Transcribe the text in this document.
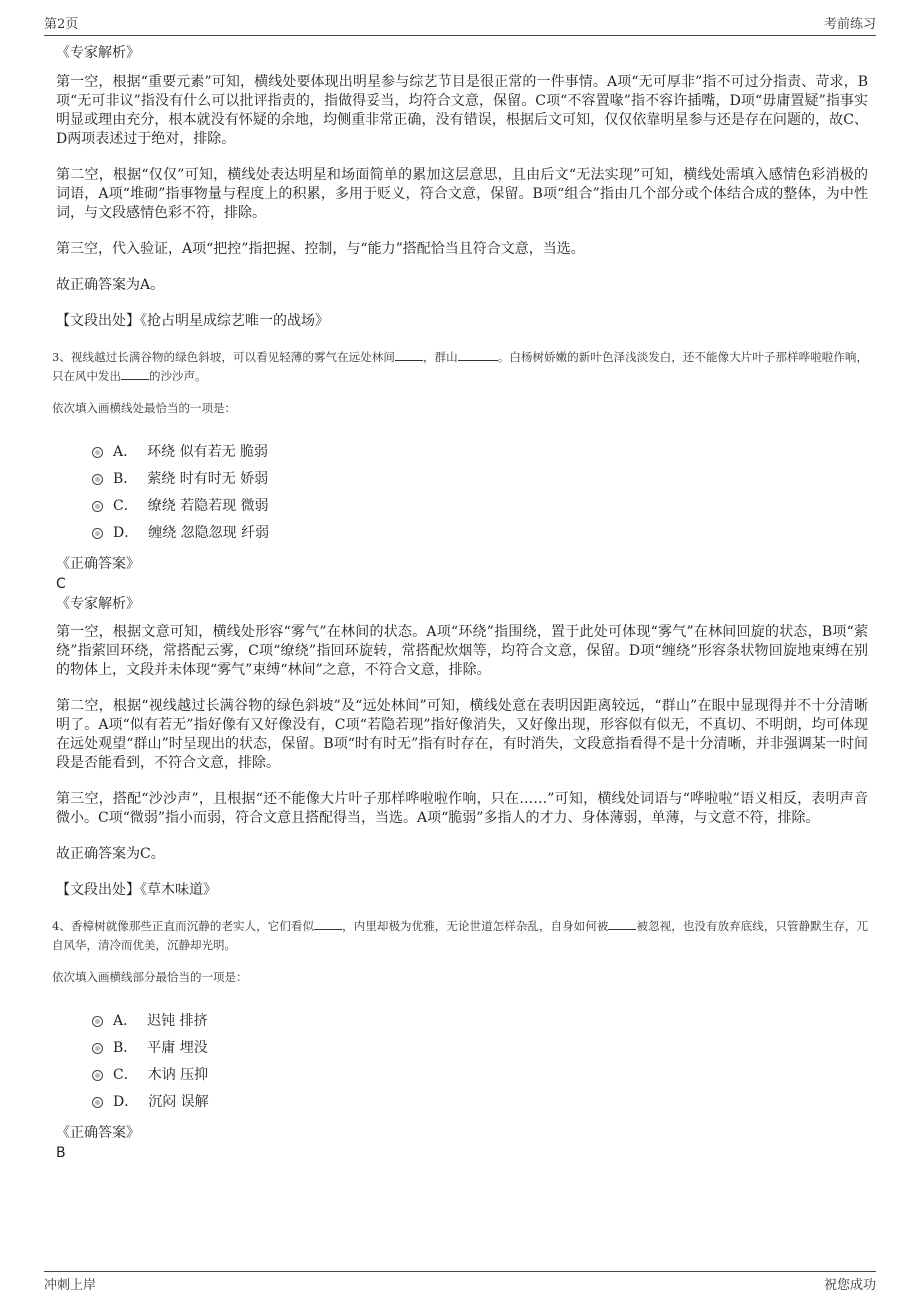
第2页	考前练习
《专家解析》

第一空，根据“重要元素”可知，横线处要体现出明星参与综艺节目是很正常的一件事情。A项“无可厚非”指不可过分指责、苛求，B项“无可非议”指没有什么可以批评指责的，指做得妥当，均符合文意，保留。C项“不容置喙”指不容许插嘴，D项“毋庸置疑”指事实明显或理由充分，根本就没有怀疑的余地，均侧重非常正确，没有错误，根据后文可知，仅仅依靠明星参与还是存在问题的，故C、D两项表述过于绝对，排除。

第二空，根据“仅仅”可知，横线处表达明星和场面简单的累加这层意思，且由后文“无法实现”可知，横线处需填入感情色彩消极的词语，A项“堆砌”指事物量与程度上的积累，多用于贬义，符合文意，保留。B项“组合”指由几个部分或个体结合成的整体，为中性词，与文段感情色彩不符，排除。

第三空，代入验证，A项“把控”指把握、控制，与“能力”搭配恰当且符合文意，当选。

故正确答案为A。

【文段出处】《抢占明星成综艺唯一的战场》

3、视线越过长满谷物的绿色斜坡，可以看见轻薄的雾气在远处林间 ，群山	。白杨树娇嫩的新叶色泽浅淡发白，还不能像大片叶子那样哗啦啦作响，只在风中发出 的沙沙声。

依次填入画横线处最恰当的一项是：

A． 环绕 似有若无 脆弱
B． 萦绕 时有时无 娇弱
C． 缭绕 若隐若现 微弱
D． 缠绕 忽隐忽现 纤弱
《正确答案》
C
《专家解析》

第一空，根据文意可知，横线处形容“雾气”在林间的状态。A项“环绕”指围绕，置于此处可体现“雾气”在林间回旋的状态，B项“萦绕”指萦回环绕，常搭配云雾，C项“缭绕”指回环旋转，常搭配炊烟等，均符合文意，保留。D项“缠绕”形容条状物回旋地束缚在别的物体上，文段并未体现“雾气”束缚“林间”之意，不符合文意，排除。

第二空，根据“视线越过长满谷物的绿色斜坡”及“远处林间”可知，横线处意在表明因距离较远，“群山”在眼中显现得并不十分清晰明了。A项“似有若无”指好像有又好像没有，C项“若隐若现”指好像消失，又好像出现，形容似有似无，不真切、不明朗，均可体现在远处观望“群山”时呈现出的状态，保留。B项“时有时无”指有时存在，有时消失，文段意指看得不是十分清晰，并非强调某一时间段是否能看到，不符合文意，排除。

第三空，搭配“沙沙声”，且根据“还不能像大片叶子那样哗啦啦作响，只在……”可知，横线处词语与“哗啦啦”语义相反，表明声音微小。C项“微弱”指小而弱，符合文意且搭配得当，当选。A项“脆弱”多指人的才力、身体薄弱，单薄，与文意不符，排除。

故正确答案为C。

【文段出处】《草木味道》

4、香樟树就像那些正直而沉静的老实人，它们看似 ，内里却极为优雅，无论世道怎样杂乱，自身如何被 被忽视，也没有放弃底线，只管静默生存，兀自风华，清冷而优美，沉静却光明。

依次填入画横线部分最恰当的一项是：

A． 迟钝 排挤
B． 平庸 埋没
C． 木讷 压抑
D． 沉闷 误解
《正确答案》
B
冲刺上岸	祝您成功
